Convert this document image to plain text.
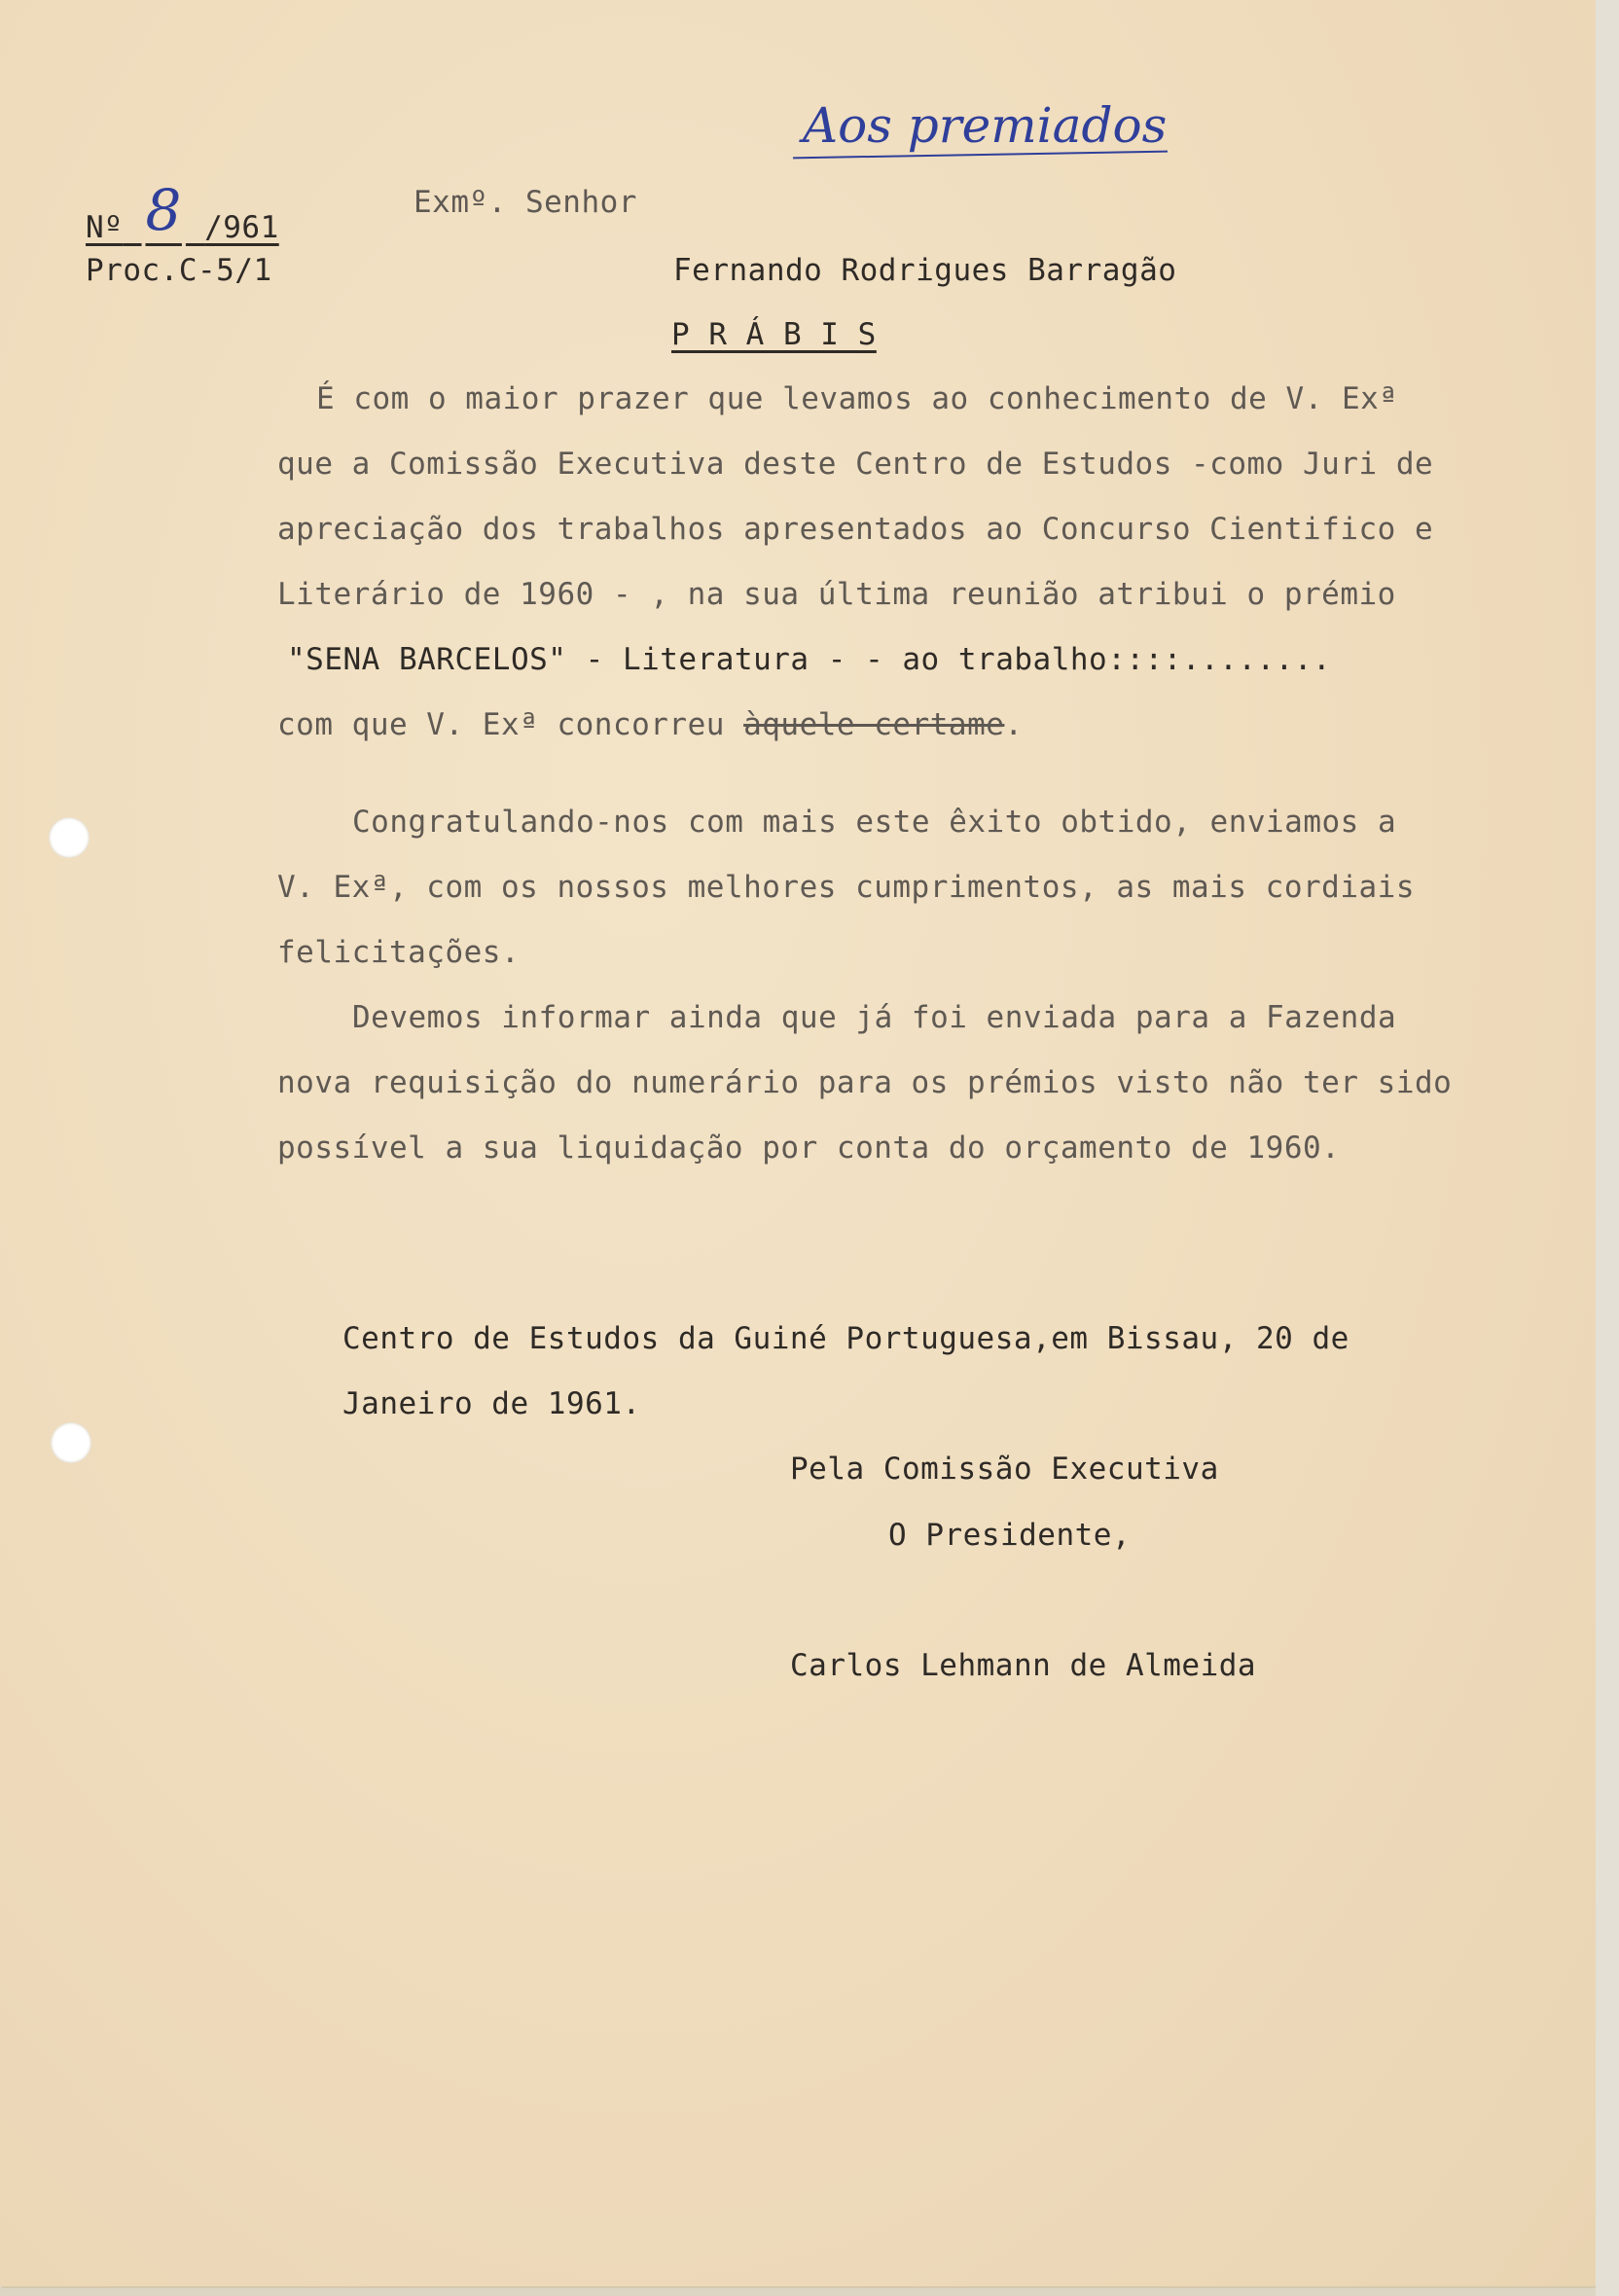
Aos premiados
Nº 8 /961
Exmº. Senhor
Proc.C-5/1	Fernando Rodrigues Barragão
P R Á B I S
É com o maior prazer que levamos ao conhecimento de V. Exª
que a Comissão Executiva deste Centro de Estudos -como Juri de
apreciação dos trabalhos apresentados ao Concurso Cientifico e
Literário de 1960 - , na sua última reunião atribui o prémio
"SENA BARCELOS" - Literatura - - ao trabalho::::........
com que V. Exª concorreu àquele certame.
Congratulando-nos com mais este êxito obtido, enviamos a
V. Exª, com os nossos melhores cumprimentos, as mais cordiais
felicitações.
Devemos informar ainda que já foi enviada para a Fazenda
nova requisição do numerário para os prémios visto não ter sido
possível a sua liquidação por conta do orçamento de 1960.
Centro de Estudos da Guiné Portuguesa,em Bissau, 20 de
Janeiro de 1961.
Pela Comissão Executiva
O Presidente,
Carlos Lehmann de Almeida
